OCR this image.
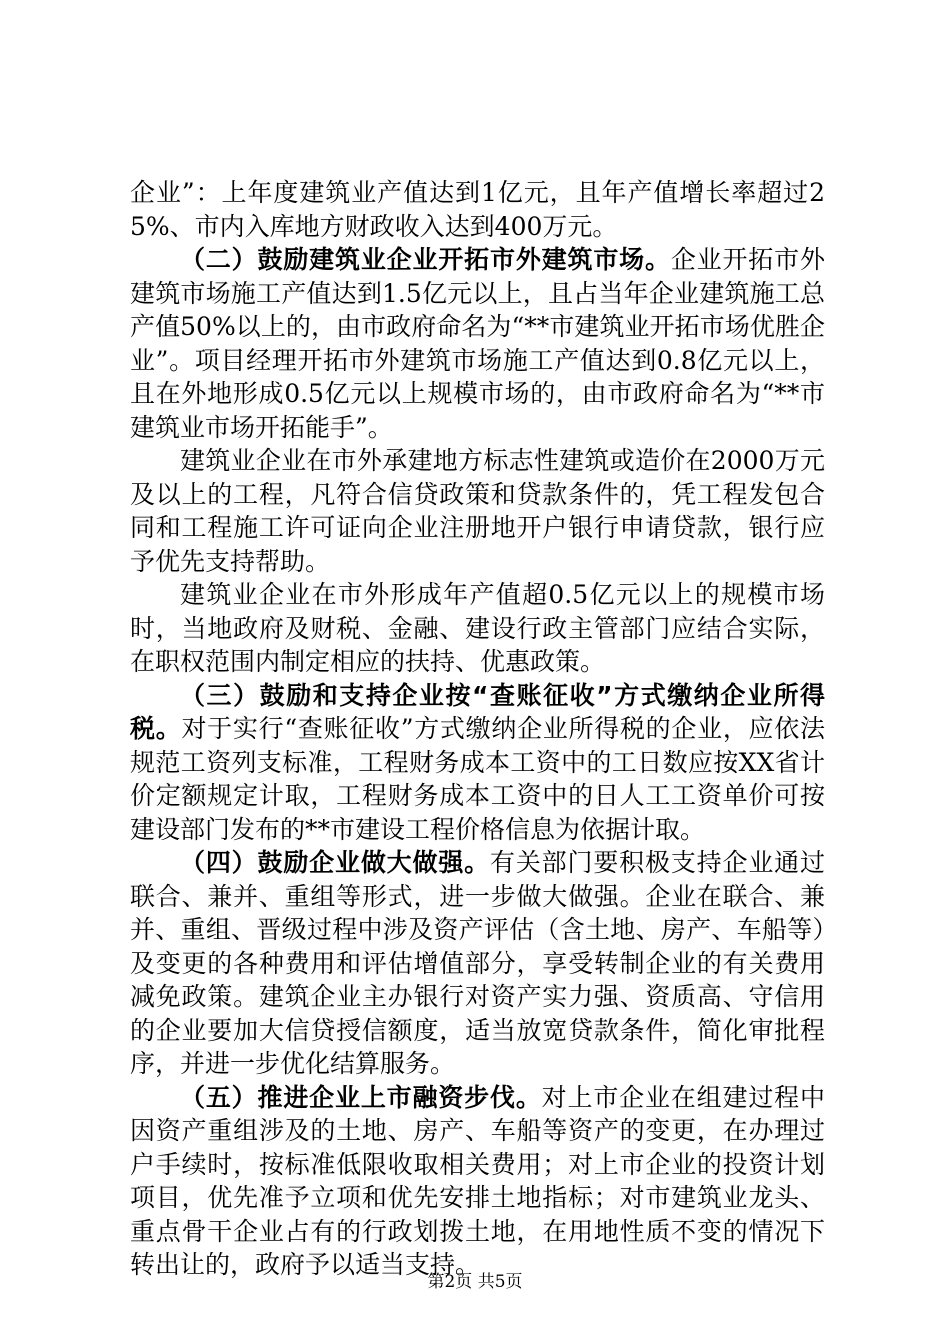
企业”：上年度建筑业产值达到1亿元，且年产值增长率超过25%、市内入库地方财政收入达到400万元。

（二）鼓励建筑业企业开拓市外建筑市场。企业开拓市外建筑市场施工产值达到1.5亿元以上，且占当年企业建筑施工总产值50%以上的，由市政府命名为“**市建筑业开拓市场优胜企业”。项目经理开拓市外建筑市场施工产值达到0.8亿元以上，且在外地形成0.5亿元以上规模市场的，由市政府命名为“**市建筑业市场开拓能手”。

建筑业企业在市外承建地方标志性建筑或造价在2000万元及以上的工程，凡符合信贷政策和贷款条件的，凭工程发包合同和工程施工许可证向企业注册地开户银行申请贷款，银行应予优先支持帮助。

建筑业企业在市外形成年产值超0.5亿元以上的规模市场时，当地政府及财税、金融、建设行政主管部门应结合实际，在职权范围内制定相应的扶持、优惠政策。

（三）鼓励和支持企业按“查账征收”方式缴纳企业所得税。对于实行“查账征收”方式缴纳企业所得税的企业，应依法规范工资列支标准，工程财务成本工资中的工日数应按XX省计价定额规定计取，工程财务成本工资中的日人工工资单价可按建设部门发布的**市建设工程价格信息为依据计取。

（四）鼓励企业做大做强。有关部门要积极支持企业通过联合、兼并、重组等形式，进一步做大做强。企业在联合、兼并、重组、晋级过程中涉及资产评估（含土地、房产、车船等）及变更的各种费用和评估增值部分，享受转制企业的有关费用减免政策。建筑企业主办银行对资产实力强、资质高、守信用的企业要加大信贷授信额度，适当放宽贷款条件，简化审批程序，并进一步优化结算服务。

（五）推进企业上市融资步伐。对上市企业在组建过程中因资产重组涉及的土地、房产、车船等资产的变更，在办理过户手续时，按标准低限收取相关费用；对上市企业的投资计划项目，优先准予立项和优先安排土地指标；对市建筑业龙头、重点骨干企业占有的行政划拨土地，在用地性质不变的情况下转出让的，政府予以适当支持。

第2页 共5页
